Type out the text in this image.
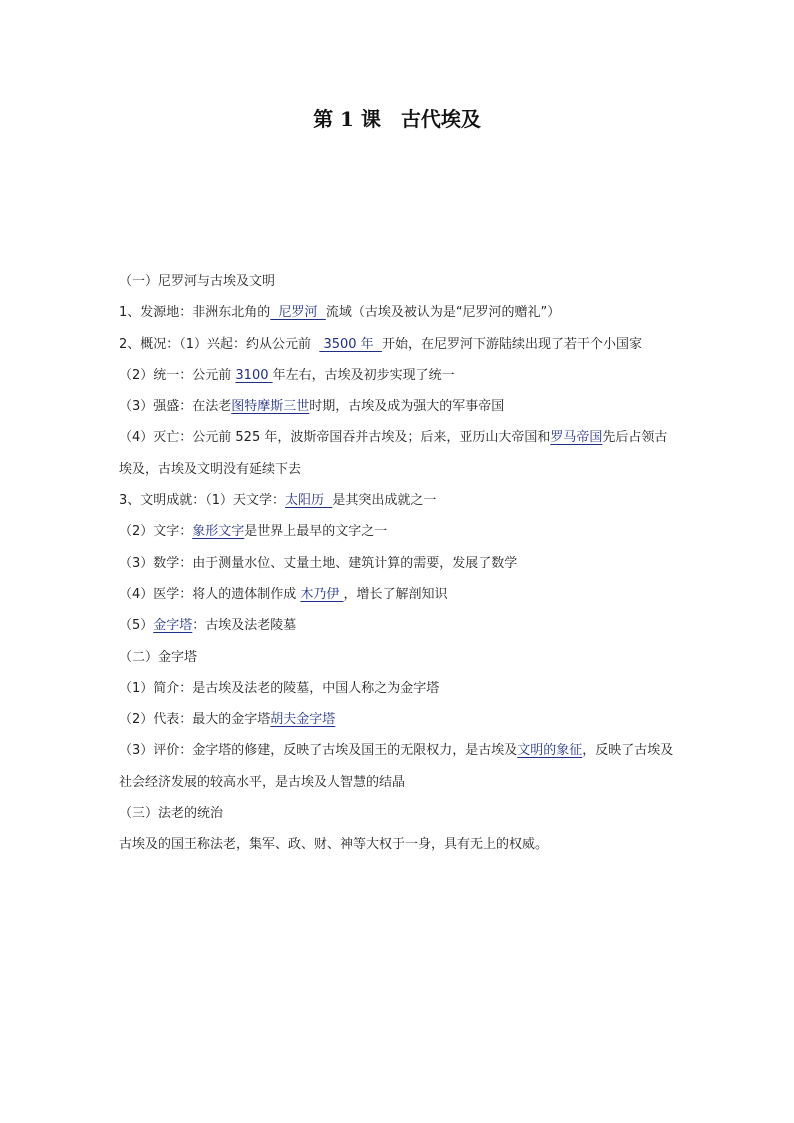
第 1 课　古代埃及
（一）尼罗河与古埃及文明
1、发源地：非洲东北角的  尼罗河  流域（古埃及被认为是“尼罗河的赠礼”）
2、概况：（1）兴起：约从公元前   3500 年  开始，在尼罗河下游陆续出现了若干个小国家
（2）统一：公元前 3100 年左右，古埃及初步实现了统一
（3）强盛：在法老图特摩斯三世时期，古埃及成为强大的军事帝国
（4）灭亡：公元前 525 年，波斯帝国吞并古埃及；后来，亚历山大帝国和罗马帝国先后占领古埃及，古埃及文明没有延续下去
3、文明成就：（1）天文学：太阳历  是其突出成就之一
（2）文字：象形文字是世界上最早的文字之一
（3）数学：由于测量水位、丈量土地、建筑计算的需要，发展了数学
（4）医学：将人的遗体制作成 木乃伊 ，增长了解剖知识
（5）金字塔：古埃及法老陵墓
（二）金字塔
（1）简介：是古埃及法老的陵墓，中国人称之为金字塔
（2）代表：最大的金字塔胡夫金字塔
（3）评价：金字塔的修建，反映了古埃及国王的无限权力，是古埃及文明的象征，反映了古埃及社会经济发展的较高水平，是古埃及人智慧的结晶
（三）法老的统治
古埃及的国王称法老，集军、政、财、神等大权于一身，具有无上的权威。
